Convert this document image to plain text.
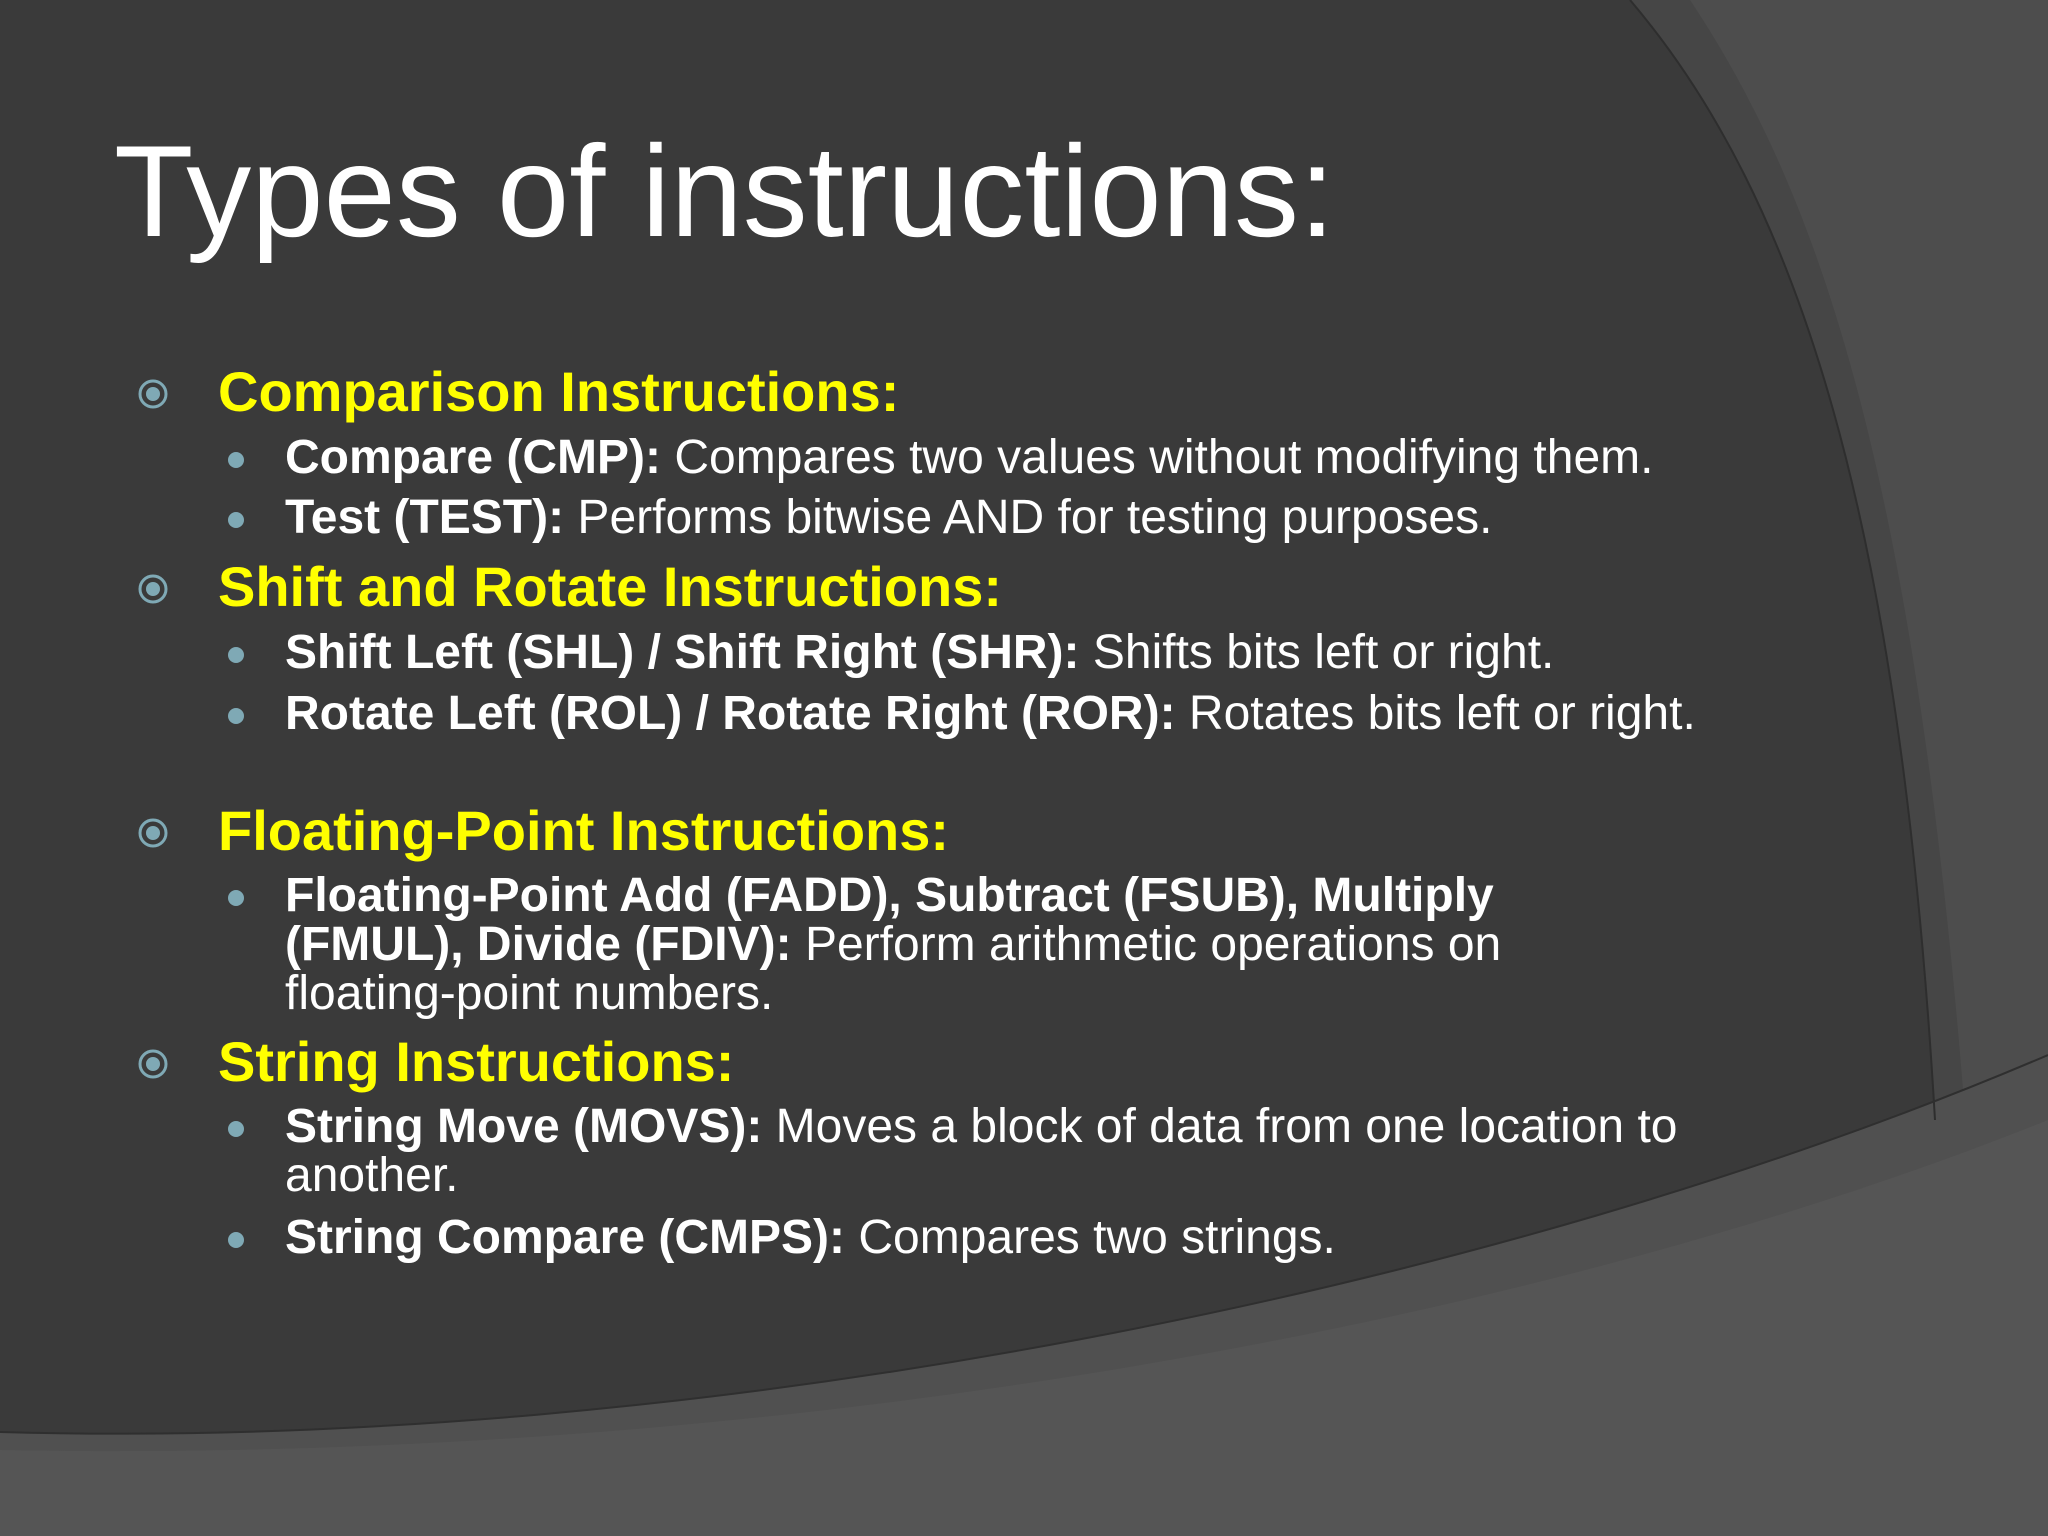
Types of instructions:
Comparison Instructions:

Compare (CMP): Compares two values without modifying them.

Test (TEST): Performs bitwise AND for testing purposes.

Shift and Rotate Instructions:

Shift Left (SHL) / Shift Right (SHR): Shifts bits left or right.

Rotate Left (ROL) / Rotate Right (ROR): Rotates bits left or right.

Floating-Point Instructions:

Floating-Point Add (FADD), Subtract (FSUB), Multiply (FMUL), Divide (FDIV): Perform arithmetic operations on floating-point numbers.

String Instructions:

String Move (MOVS): Moves a block of data from one location to another.

String Compare (CMPS): Compares two strings.
